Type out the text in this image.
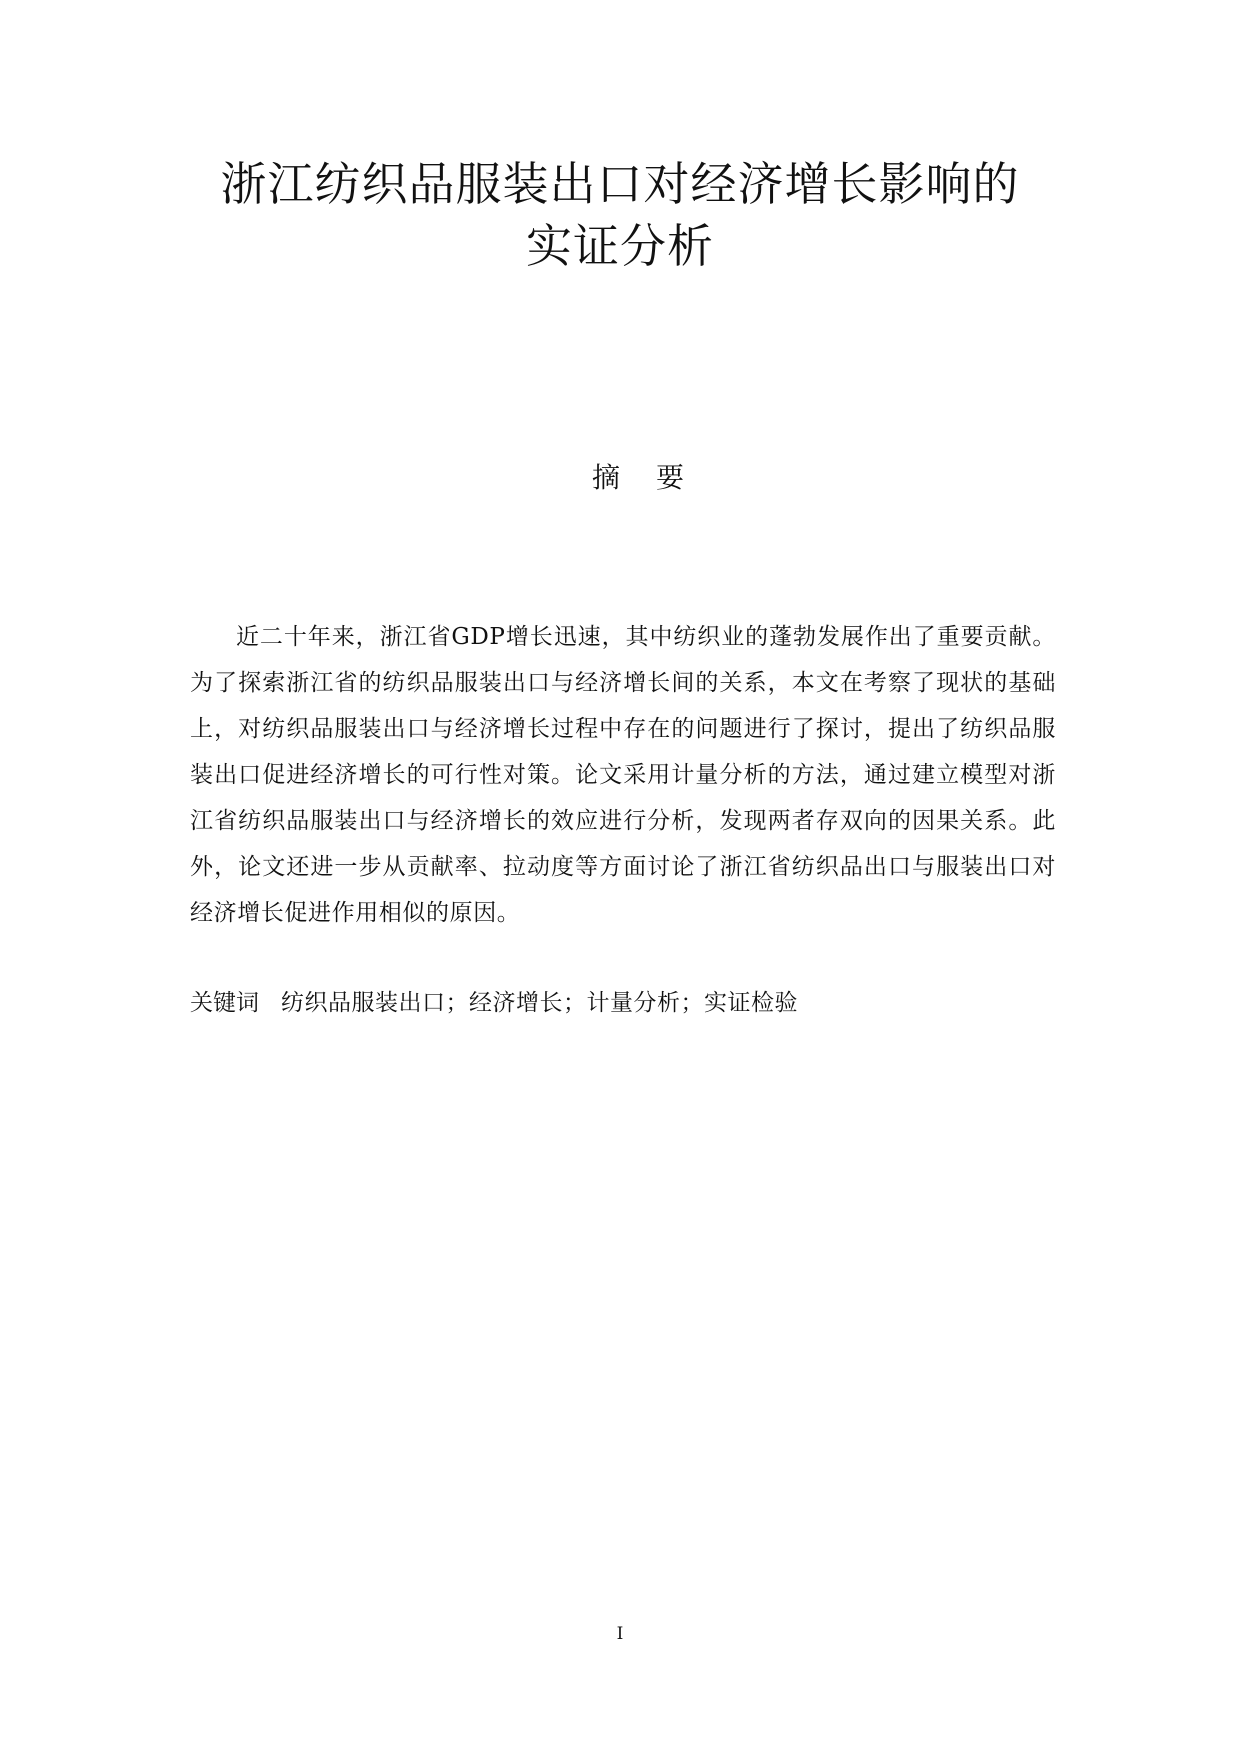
浙江纺织品服装出口对经济增长影响的
实证分析
摘要

近二十年来，浙江省GDP增长迅速，其中纺织业的蓬勃发展作出了重要贡献。为了探索浙江省的纺织品服装出口与经济增长间的关系，本文在考察了现状的基础上，对纺织品服装出口与经济增长过程中存在的问题进行了探讨，提出了纺织品服装出口促进经济增长的可行性对策。论文采用计量分析的方法，通过建立模型对浙江省纺织品服装出口与经济增长的效应进行分析，发现两者存双向的因果关系。此外，论文还进一步从贡献率、拉动度等方面讨论了浙江省纺织品出口与服装出口对经济增长促进作用相似的原因。

关键词 纺织品服装出口；经济增长；计量分析；实证检验

I
